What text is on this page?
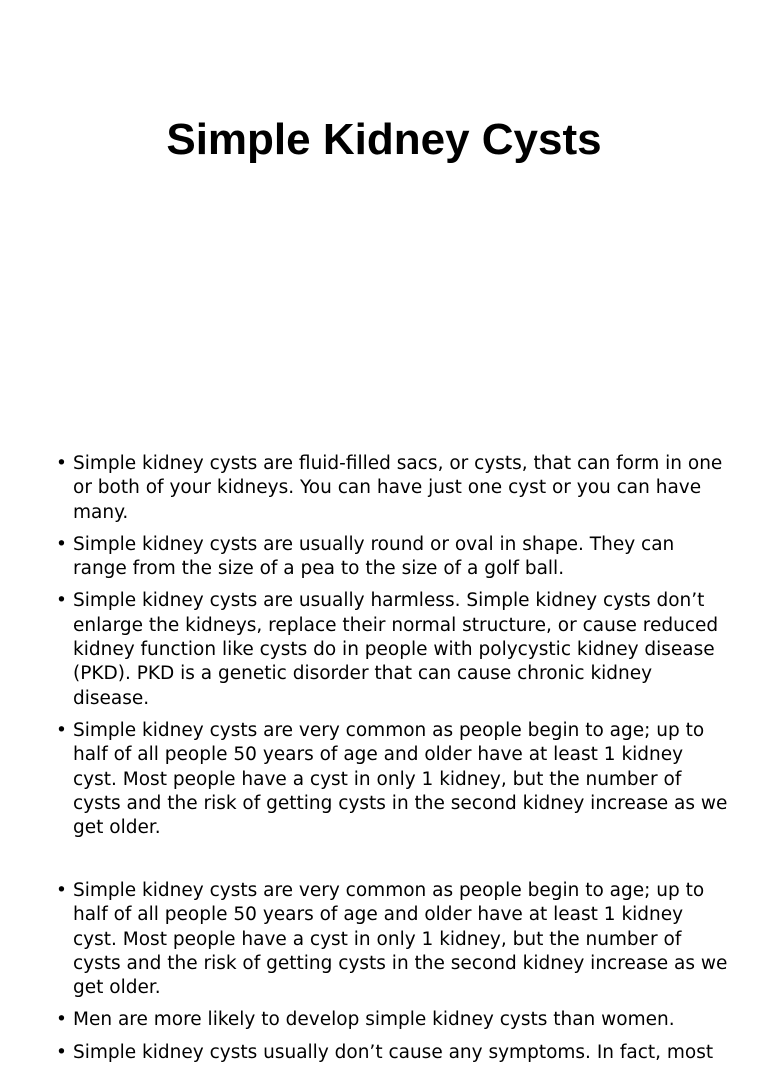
Simple Kidney Cysts
• Simple kidney cysts are fluid-filled sacs, or cysts, that can form in one or both of your kidneys. You can have just one cyst or you can have many.
• Simple kidney cysts are usually round or oval in shape. They can range from the size of a pea to the size of a golf ball.
• Simple kidney cysts are usually harmless. Simple kidney cysts don’t enlarge the kidneys, replace their normal structure, or cause reduced kidney function like cysts do in people with polycystic kidney disease (PKD). PKD is a genetic disorder that can cause chronic kidney disease.
• Simple kidney cysts are very common as people begin to age; up to half of all people 50 years of age and older have at least 1 kidney cyst. Most people have a cyst in only 1 kidney, but the number of cysts and the risk of getting cysts in the second kidney increase as we get older.
• Simple kidney cysts are very common as people begin to age; up to half of all people 50 years of age and older have at least 1 kidney cyst. Most people have a cyst in only 1 kidney, but the number of cysts and the risk of getting cysts in the second kidney increase as we get older.
• Men are more likely to develop simple kidney cysts than women.
• Simple kidney cysts usually don’t cause any symptoms. In fact, most
